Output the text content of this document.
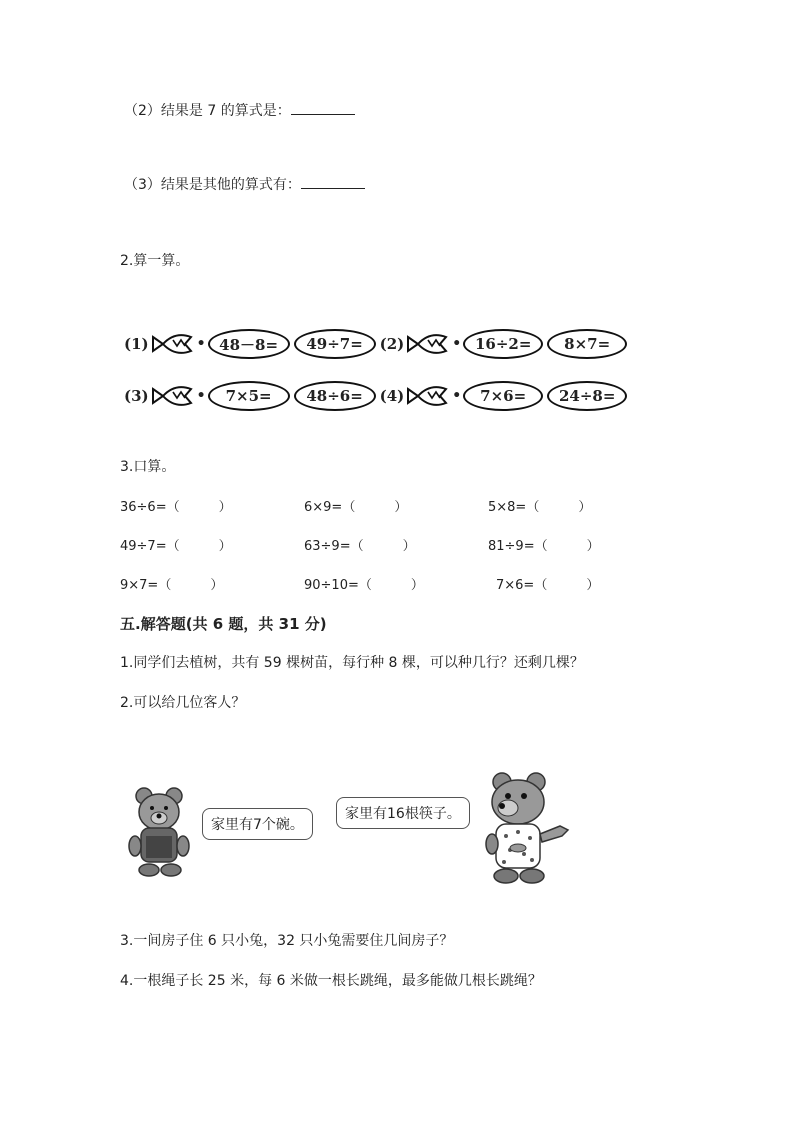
（2）结果是 7 的算式是：
（3）结果是其他的算式有：
2.算一算。
(1)	• 48－8=	49÷7=	(2)	• 16÷2=	8×7=
(3)	•	7×5=	48÷6=	(4)	•	7×6=	24÷8=
3.口算。
36÷6=（　　　）	6×9=（　　　）	5×8=（　　　）
49÷7=（　　　）	63÷9=（　　　）	81÷9=（　　　）
9×7=（　　　）	90÷10=（　　　）	7×6=（　　　）
五.解答题(共 6 题，共 31 分)
1.同学们去植树，共有 59 棵树苗，每行种 8 棵，可以种几行？还剩几棵？
2.可以给几位客人？
家里有7个碗。
家里有16根筷子。
3.一间房子住 6 只小兔，32 只小兔需要住几间房子？
4.一根绳子长 25 米，每 6 米做一根长跳绳，最多能做几根长跳绳？
